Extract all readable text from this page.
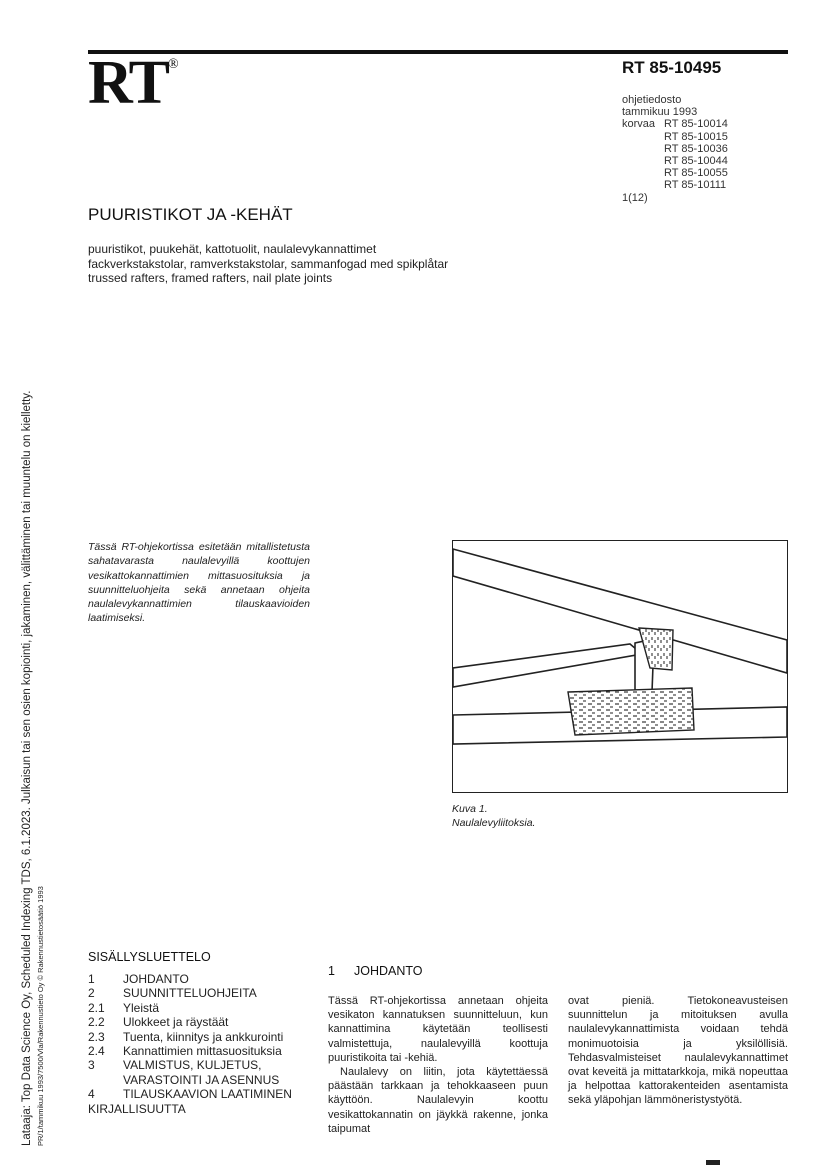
RT®	RT 85-10495
ohjetiedosto
tammikuu 1993
korvaa RT 85-10014
RT 85-10015
RT 85-10036
RT 85-10044
RT 85-10055
RT 85-10111
1(12)
PUURISTIKOT JA -KEHÄT
puuristikot, puukehät, kattotuolit, naulalevykannattimet
fackverkstakstolar, ramverkstakstolar, sammanfogad med spikplåtar
trussed rafters, framed rafters, nail plate joints
Lataaja: Top Data Science Oy, Scheduled Indexing TDS, 6.1.2023. Julkaisun tai sen osien kopiointi, jakaminen, välittäminen tai muuntelu on kielletty. PR/1/tammikuu 1993/7500/Vla/Rakennustieto Oy © Rakennustietosäätiö 1993
Tässä RT-ohjekortissa esitetään mitallistetusta sahatavarasta naulalevyillä koottujen vesikattokannattimien mittasuosituksia ja suunnitteluohjeita sekä annetaan ohjeita naulalevykannattimien tilauskaavioiden laatimiseksi.
Kuva 1.
Naulalevyliitoksia.
SISÄLLYSLUETTELO
1	JOHDANTO
2	SUUNNITTELUOHJEITA
2.1	Yleistä
2.2	Ulokkeet ja räystäät
2.3	Tuenta, kiinnitys ja ankkurointi
2.4	Kannattimien mittasuosituksia
3	VALMISTUS, KULJETUS, VARASTOINTI JA ASENNUS
4	TILAUSKAAVION LAATIMINEN
KIRJALLISUUTTA
1 JOHDANTO

Tässä RT-ohjekortissa annetaan ohjeita vesikaton kannatuksen suunnitteluun, kun kannattimina käytetään teollisesti valmistettuja, naulalevyillä koottuja puuristikoita tai -kehiä.

Naulalevy on liitin, jota käytettäessä päästään tarkkaan ja tehokkaaseen puun käyttöön. Naulalevyin koottu vesikattokannatin on jäykkä rakenne, jonka taipumat

ovat pieniä. Tietokoneavusteisen suunnittelun ja mitoituksen avulla naulalevykannattimista voidaan tehdä monimuotoisia ja yksilöllisiä. Tehdasvalmisteiset naulalevykannattimet ovat keveitä ja mittatarkkoja, mikä nopeuttaa ja helpottaa kattorakenteiden asentamista sekä yläpohjan lämmöneristystyötä.
